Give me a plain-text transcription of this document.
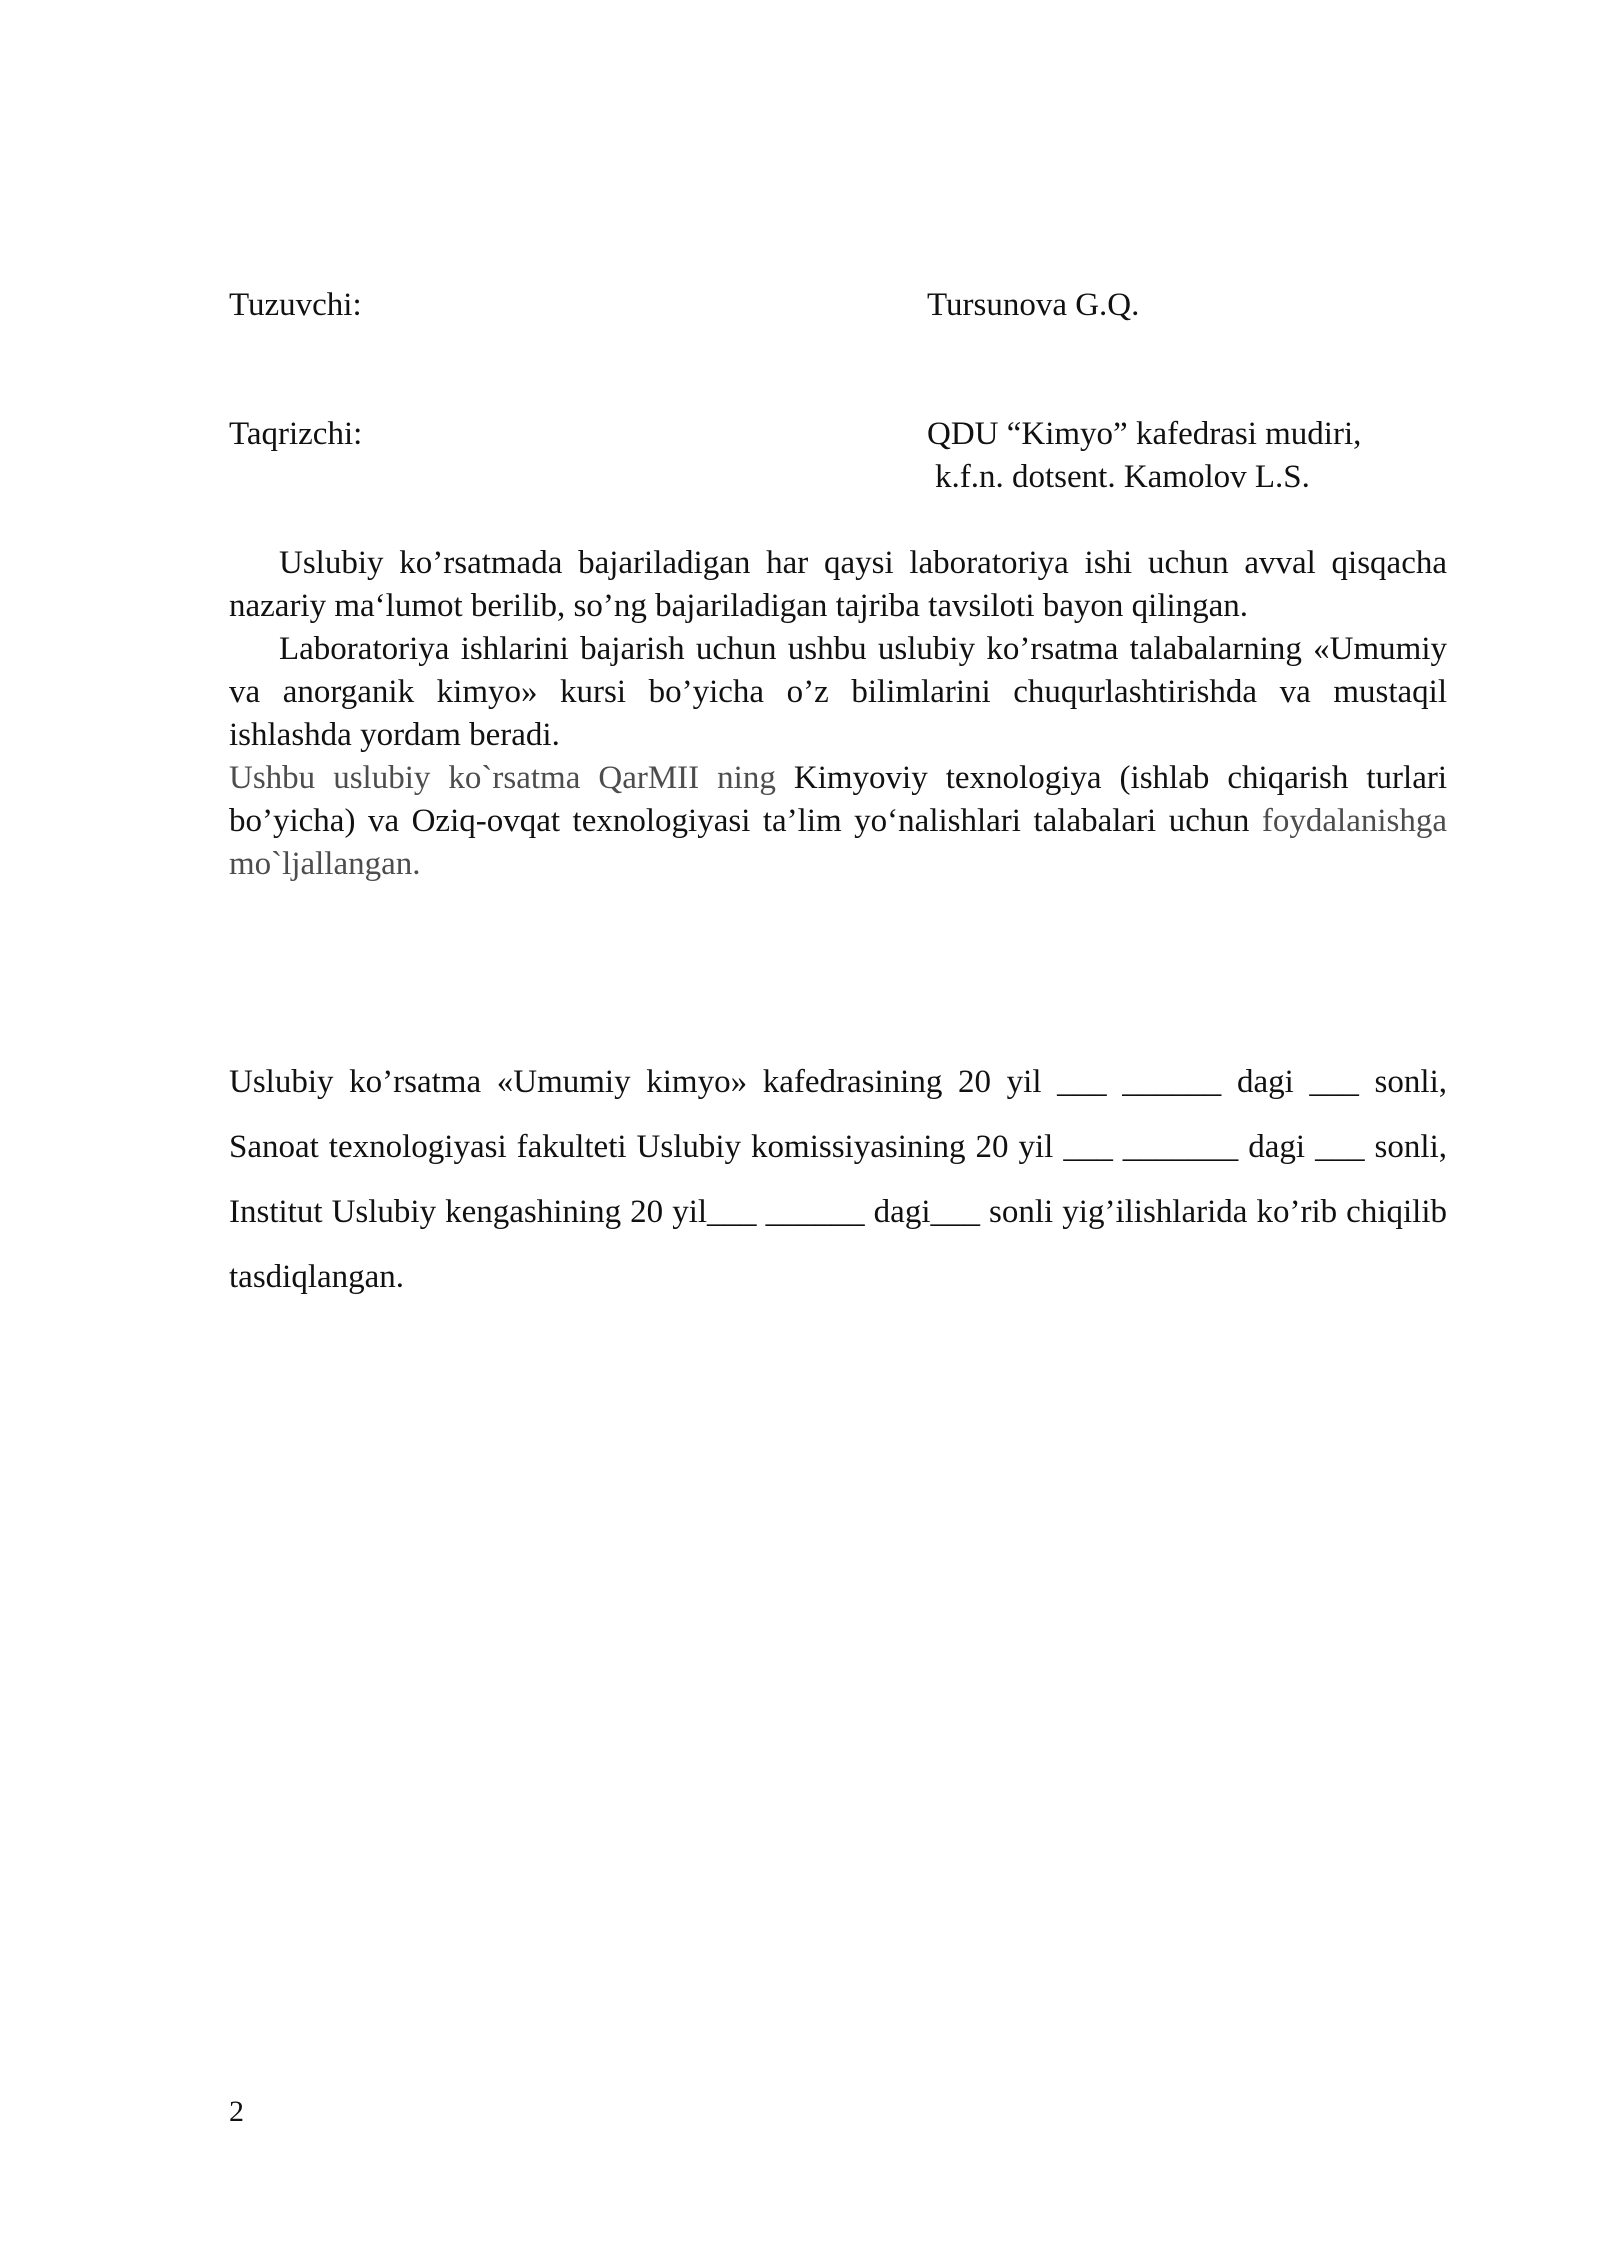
Tuzuvchi:	Tursunova G.Q.

Taqrizchi:	QDU “Kimyo” kafedrasi mudiri,
k.f.n. dotsent. Kamolov L.S.

Uslubiy ko’rsatmada bajariladigan har qaysi laboratoriya ishi uchun avval qisqacha nazariy ma‘lumot berilib, so’ng bajariladigan tajriba tavsiloti bayon qilingan.

Laboratoriya ishlarini bajarish uchun ushbu uslubiy ko’rsatma talabalarning «Umumiy va anorganik kimyo» kursi bo’yicha o’z bilimlarini chuqurlashtirishda va mustaqil ishlashda yordam beradi.

Ushbu uslubiy ko`rsatma QarMII ning Kimyoviy texnologiya (ishlab chiqarish turlari bo’yicha) va Oziq-ovqat texnologiyasi ta’lim yo‘nalishlari talabalari uchun foydalanishga mo`ljallangan.

Uslubiy ko’rsatma «Umumiy kimyo» kafedrasining 20 yil ___ ______ dagi ___ sonli, Sanoat texnologiyasi fakulteti Uslubiy komissiyasining 20 yil ___ _______ dagi ___ sonli, Institut Uslubiy kengashining 20 yil___ ______ dagi___ sonli yig’ilishlarida ko’rib chiqilib tasdiqlangan.

2
